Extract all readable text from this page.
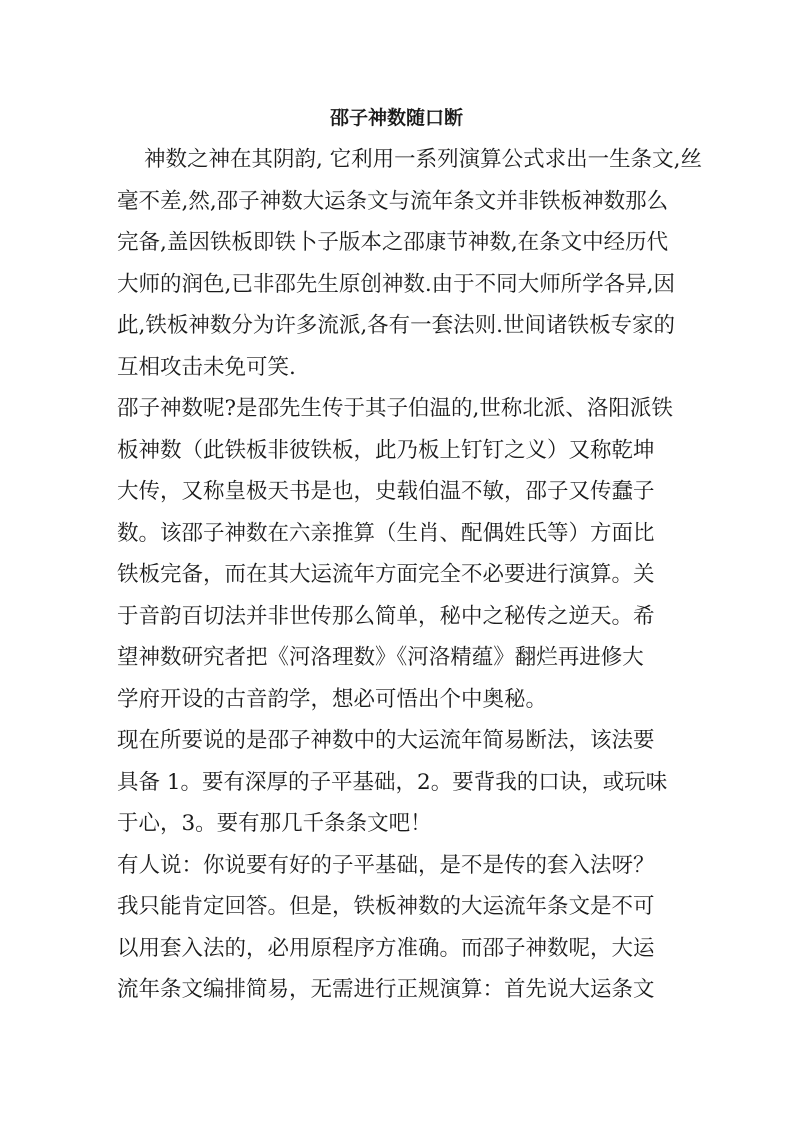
邵子神数随口断
神数之神在其阴韵, 它利用一系列演算公式求出一生条文,丝
毫不差,然,邵子神数大运条文与流年条文并非铁板神数那么
完备,盖因铁板即铁卜子版本之邵康节神数,在条文中经历代
大师的润色,已非邵先生原创神数.由于不同大师所学各异,因
此,铁板神数分为许多流派,各有一套法则.世间诸铁板专家的
互相攻击未免可笑.
邵子神数呢?是邵先生传于其子伯温的,世称北派、洛阳派铁
板神数（此铁板非彼铁板，此乃板上钉钉之义）又称乾坤
大传，又称皇极天书是也，史载伯温不敏，邵子又传蠢子
数。该邵子神数在六亲推算（生肖、配偶姓氏等）方面比
铁板完备，而在其大运流年方面完全不必要进行演算。关
于音韵百切法并非世传那么简单，秘中之秘传之逆天。希
望神数研究者把《河洛理数》《河洛精蕴》翻烂再进修大
学府开设的古音韵学，想必可悟出个中奥秘。
现在所要说的是邵子神数中的大运流年简易断法，该法要
具备 1。要有深厚的子平基础，2。要背我的口诀，或玩味
于心，3。要有那几千条条文吧！
有人说：你说要有好的子平基础，是不是传的套入法呀？
我只能肯定回答。但是，铁板神数的大运流年条文是不可
以用套入法的，必用原程序方准确。而邵子神数呢，大运
流年条文编排简易，无需进行正规演算：首先说大运条文
